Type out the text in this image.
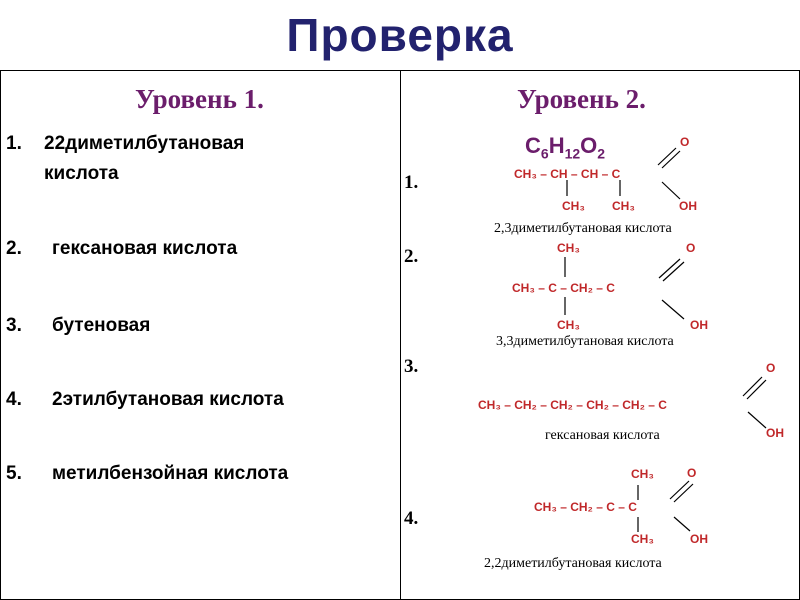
Проверка
Уровень 1.
1. 22диметилбутановая
кислота
2. гексановая кислота
3. бутеновая
4. 2этилбутановая кислота
5. метилбензойная кислота
Уровень 2.
$C_6H_{12}O_2$
1.
2.
3.
4.
CH₃ – CH – CH – C
O
OH
CH₃ CH₃
2,3диметилбутановая кислота
CH₃
CH₃ – C – CH₂ – C
O
OH
CH₃
3,3диметилбутановая кислота
CH₃ – CH₂ – CH₂ – CH₂ – CH₂ – C
O
OH
гексановая кислота
CH₃
CH₃ – CH₂ – C – C
O
OH
CH₃
2,2диметилбутановая кислота
